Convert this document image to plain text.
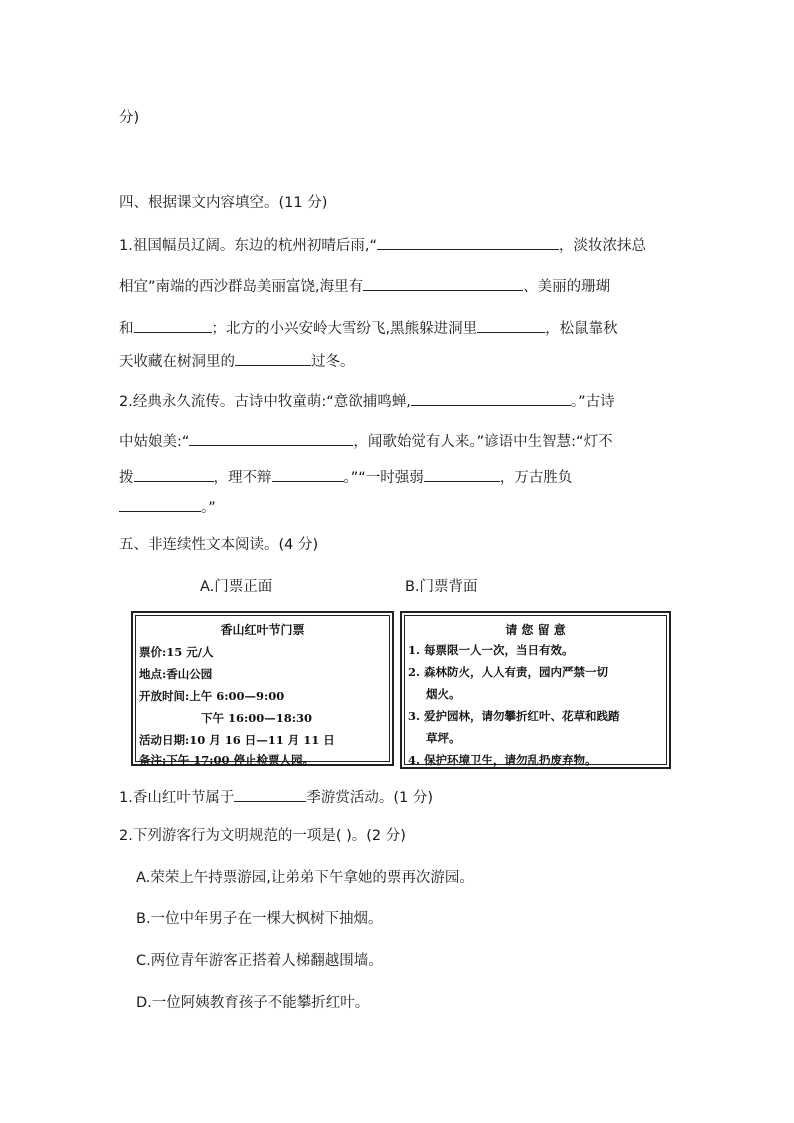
分)
四、根据课文内容填空。(11 分)
1.祖国幅员辽阔。东边的杭州初晴后雨,“	，淡妆浓抹总
相宜”南端的西沙群岛美丽富饶,海里有	、美丽的珊瑚
和	；北方的小兴安岭大雪纷飞,黑熊躲进洞里	，松鼠靠秋
天收藏在树洞里的	过冬。
2.经典永久流传。古诗中牧童萌:“意欲捕鸣蝉,	。”古诗
中姑娘美:“	，闻歌始觉有人来。”谚语中生智慧:“灯不
拨	，理不辩	。”“一时强弱	，万古胜负
。”
五、非连续性文本阅读。(4 分)
A.门票正面	B.门票背面
香山红叶节门票
票价:15 元/人
地点:香山公园
开放时间:上午 6:00—9:00
下午 16:00—18:30
活动日期:10 月 16 日—11 月 11 日
备注:下午 17:00 停止检票人园。
请 您 留 意
1. 每票限一人一次，当日有效。
2. 森林防火，人人有责，园内严禁一切
烟火。
3. 爱护园林，请勿攀折红叶、花草和践踏
草坪。
4. 保护环境卫生，请勿乱扔废弃物。
1.香山红叶节属于	季游赏活动。(1 分)
2.下列游客行为文明规范的一项是( )。(2 分)
A.荣荣上午持票游园,让弟弟下午拿她的票再次游园。
B.一位中年男子在一棵大枫树下抽烟。
C.两位青年游客正搭着人梯翻越围墙。
D.一位阿姨教育孩子不能攀折红叶。
